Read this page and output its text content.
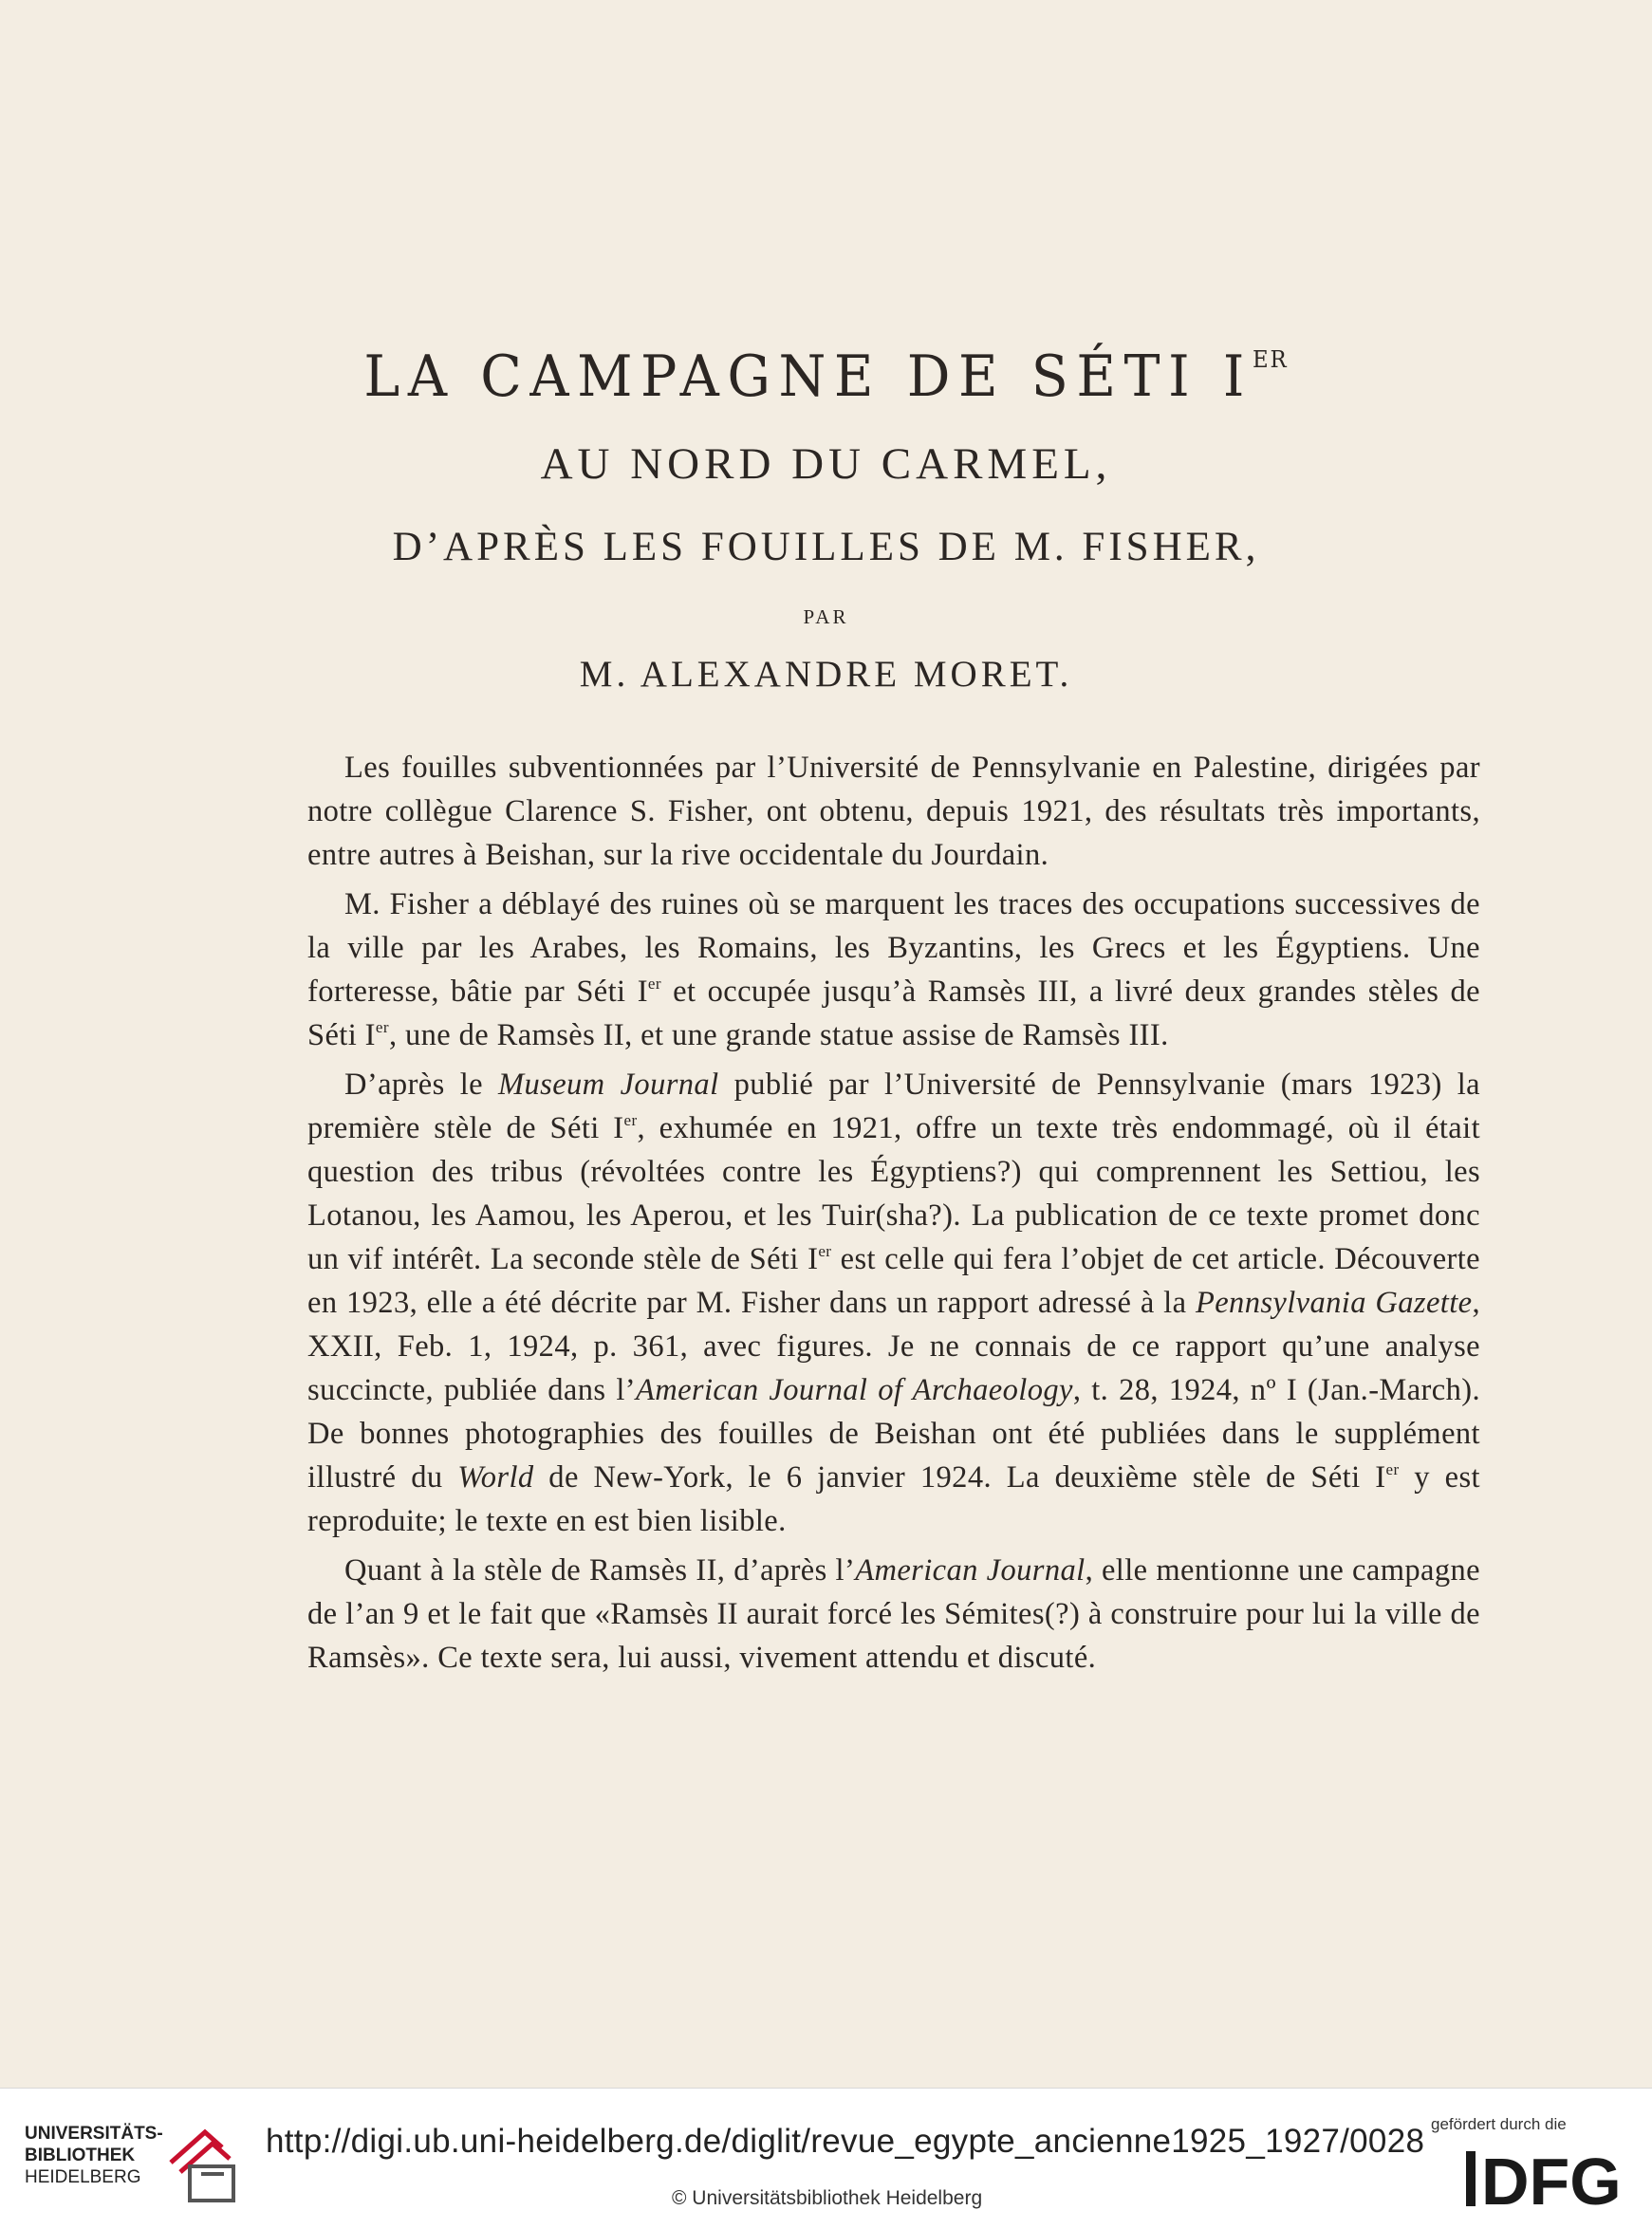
LA CAMPAGNE DE SÉTI IER
AU NORD DU CARMEL,
D’APRÈS LES FOUILLES DE M. FISHER,
PAR
M. ALEXANDRE MORET.

Les fouilles subventionnées par l’Université de Pennsylvanie en Palestine, dirigées par notre collègue Clarence S. Fisher, ont obtenu, depuis 1921, des résultats très importants, entre autres à Beishan, sur la rive occidentale du Jourdain.

M. Fisher a déblayé des ruines où se marquent les traces des occupations successives de la ville par les Arabes, les Romains, les Byzantins, les Grecs et les Égyptiens. Une forteresse, bâtie par Séti Ier et occupée jusqu’à Ramsès III, a livré deux grandes stèles de Séti Ier, une de Ramsès II, et une grande statue assise de Ramsès III.

D’après le Museum Journal publié par l’Université de Pennsylvanie (mars 1923) la première stèle de Séti Ier, exhumée en 1921, offre un texte très endommagé, où il était question des tribus (révoltées contre les Égyptiens?) qui comprennent les Settiou, les Lotanou, les Aamou, les Aperou, et les Tuir(sha?). La publication de ce texte promet donc un vif intérêt. La seconde stèle de Séti Ier est celle qui fera l’objet de cet article. Découverte en 1923, elle a été décrite par M. Fisher dans un rapport adressé à la Pennsylvania Gazette, XXII, Feb. 1, 1924, p. 361, avec figures. Je ne connais de ce rapport qu’une analyse succincte, publiée dans l’American Journal of Archaeology, t. 28, 1924, nº I (Jan.-March). De bonnes photographies des fouilles de Beishan ont été publiées dans le supplément illustré du World de New-York, le 6 janvier 1924. La deuxième stèle de Séti Ier y est reproduite; le texte en est bien lisible.

Quant à la stèle de Ramsès II, d’après l’American Journal, elle mentionne une campagne de l’an 9 et le fait que «Ramsès II aurait forcé les Sémites(?) à construire pour lui la ville de Ramsès». Ce texte sera, lui aussi, vivement attendu et discuté.

UNIVERSITÄTS-
BIBLIOTHEK
HEIDELBERG
http://digi.ub.uni-heidelberg.de/diglit/revue_egypte_ancienne1925_1927/0028
© Universitätsbibliothek Heidelberg
gefördert durch die
DFG
